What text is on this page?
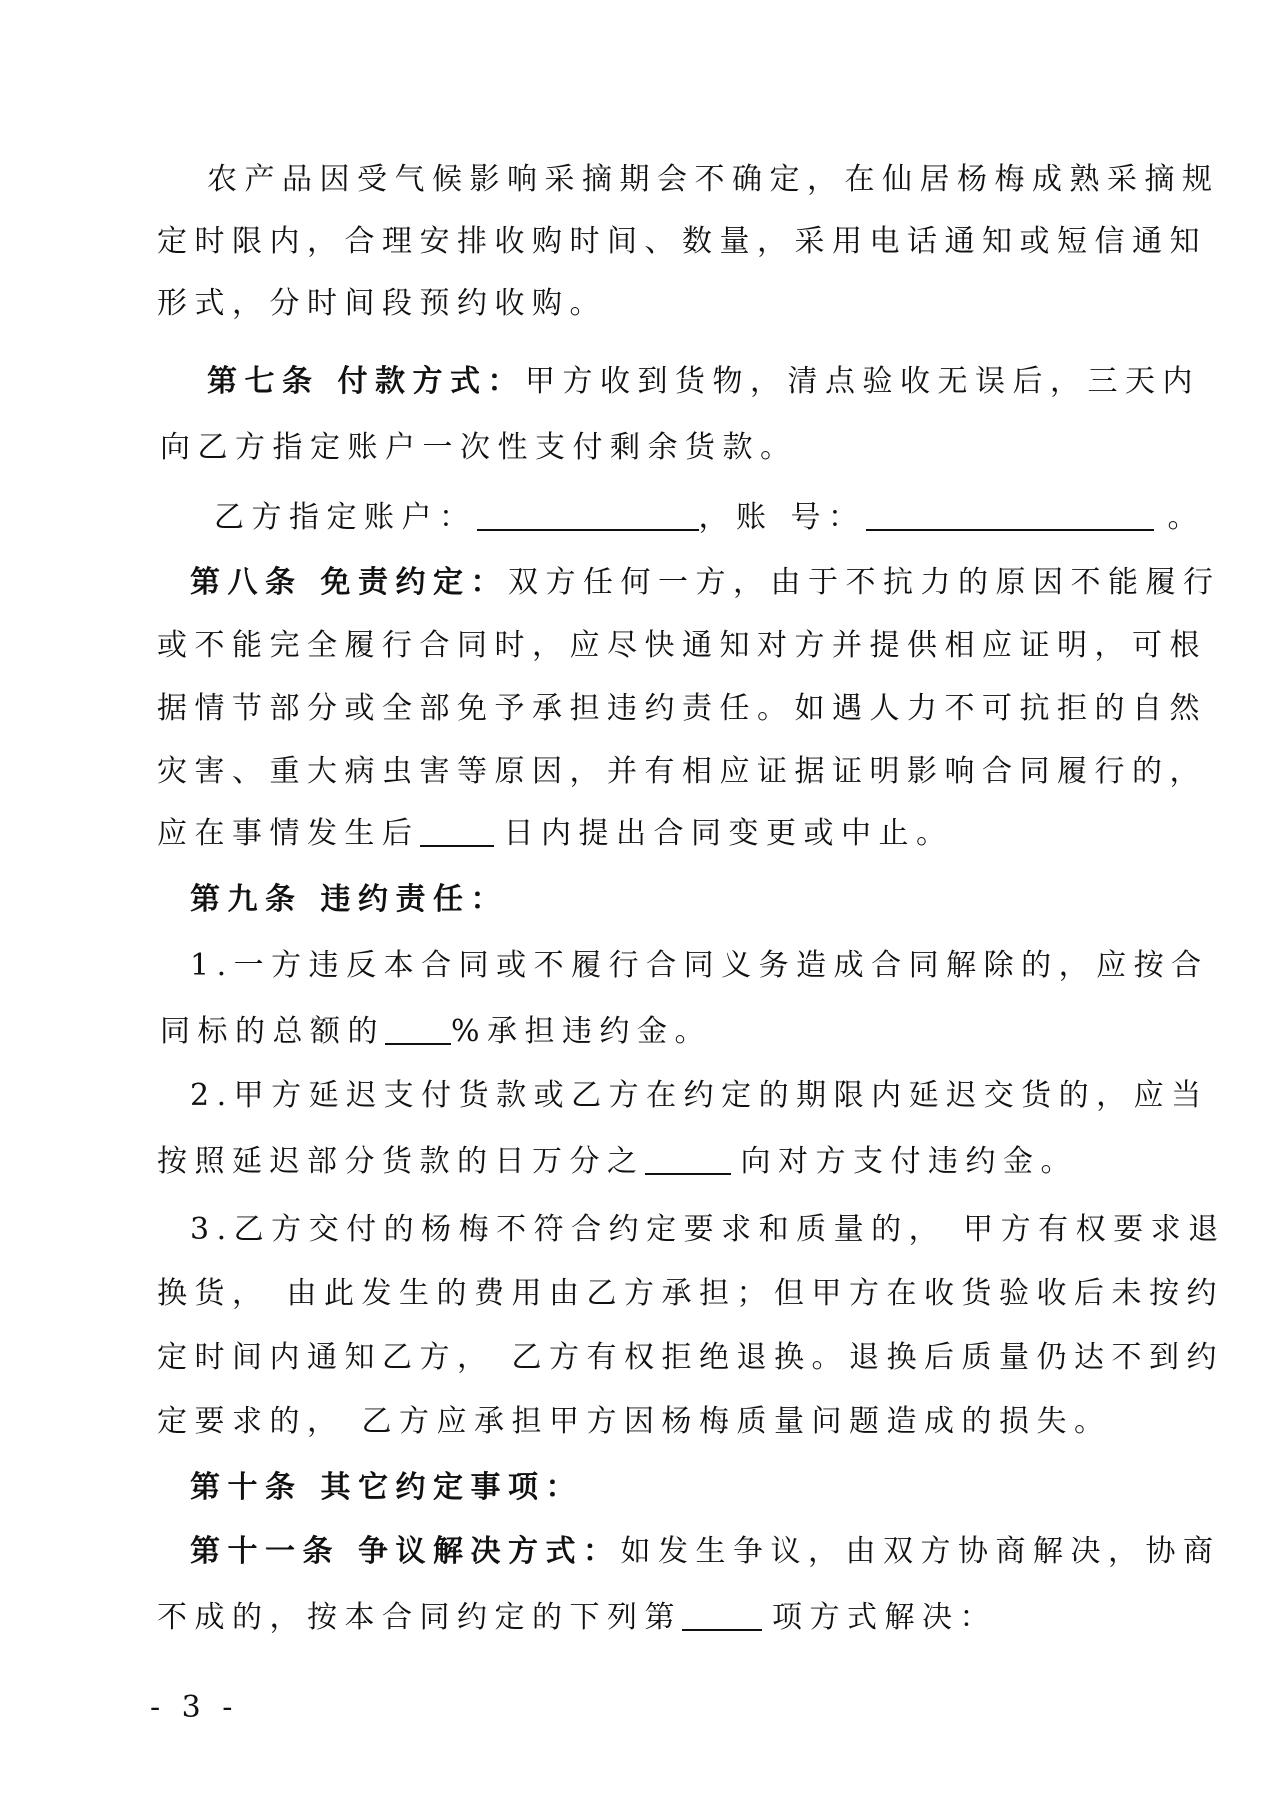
农产品因受气候影响采摘期会不确定，在仙居杨梅成熟采摘规
定时限内，合理安排收购时间、数量，采用电话通知或短信通知
形式，分时间段预约收购。
第七条 付款方式：甲方收到货物，清点验收无误后，三天内
向乙方指定账户一次性支付剩余货款。
乙方指定账户：	，账 号：	。
第八条 免责约定：双方任何一方，由于不抗力的原因不能履行
或不能完全履行合同时，应尽快通知对方并提供相应证明，可根
据情节部分或全部免予承担违约责任。如遇人力不可抗拒的自然
灾害、重大病虫害等原因，并有相应证据证明影响合同履行的，
应在事情发生后	日内提出合同变更或中止。
第九条 违约责任：
1.一方违反本合同或不履行合同义务造成合同解除的，应按合
同标的总额的 %承担违约金。
2.甲方延迟支付货款或乙方在约定的期限内延迟交货的，应当
按照延迟部分货款的日万分之	向对方支付违约金。
3.乙方交付的杨梅不符合约定要求和质量的， 甲方有权要求退
换货， 由此发生的费用由乙方承担；但甲方在收货验收后未按约
定时间内通知乙方， 乙方有权拒绝退换。退换后质量仍达不到约
定要求的， 乙方应承担甲方因杨梅质量问题造成的损失。
第十条 其它约定事项：
第十一条 争议解决方式：如发生争议，由双方协商解决，协商
不成的，按本合同约定的下列第	项方式解决：
- 3 -
